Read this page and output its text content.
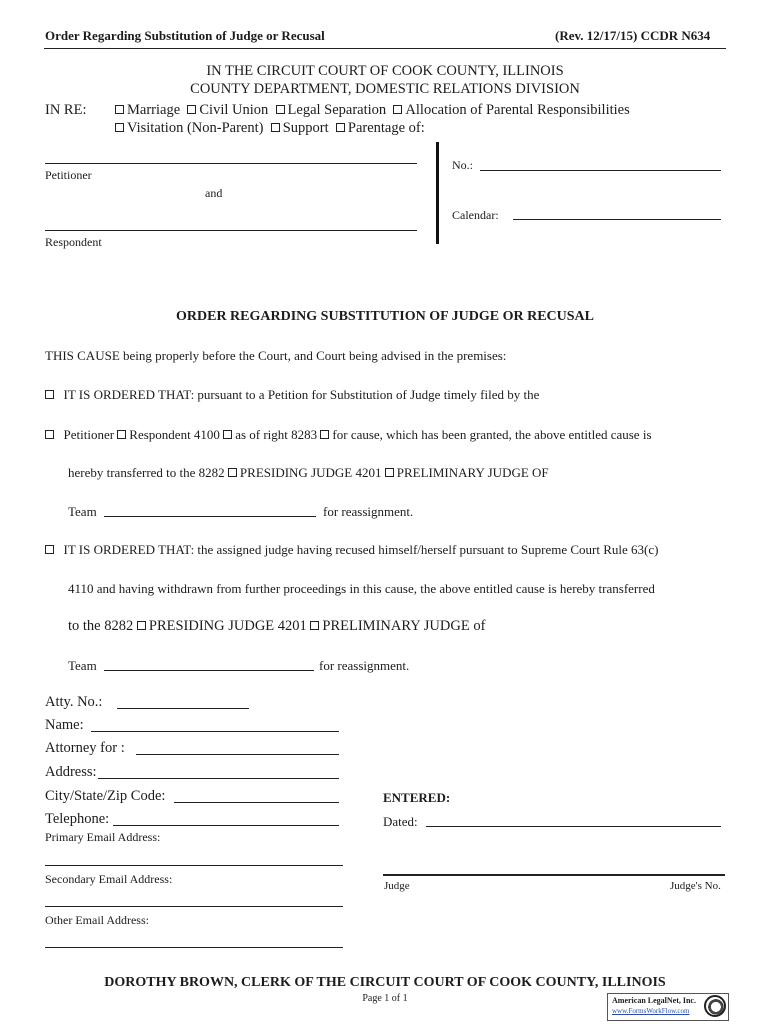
Order Regarding Substitution of Judge or Recusal	(Rev. 12/17/15) CCDR N634
IN THE CIRCUIT COURT OF COOK COUNTY, ILLINOIS
COUNTY DEPARTMENT, DOMESTIC RELATIONS DIVISION
IN RE:	Marriage Civil Union Legal Separation Allocation of Parental Responsibilities
Visitation (Non-Parent) Support Parentage of:
Petitioner
and
Respondent
No.:
Calendar:
ORDER REGARDING SUBSTITUTION OF JUDGE OR RECUSAL
THIS CAUSE being properly before the Court, and Court being advised in the premises:
IT IS ORDERED THAT: pursuant to a Petition for Substitution of Judge timely filed by the
Petitioner Respondent 4100 as of right 8283 for cause, which has been granted, the above entitled cause is
hereby transferred to the 8282 PRESIDING JUDGE 4201 PRELIMINARY JUDGE OF
Team	for reassignment.
IT IS ORDERED THAT: the assigned judge having recused himself/herself pursuant to Supreme Court Rule 63(c)
4110 and having withdrawn from further proceedings in this cause, the above entitled cause is hereby transferred
to the 8282 PRESIDING JUDGE 4201 PRELIMINARY JUDGE of
Team	for reassignment.
Atty. No.:
Name:
Attorney for :
Address:
City/State/Zip Code:
Telephone:
Primary Email Address:
Secondary Email Address:
Other Email Address:
ENTERED:
Dated:
Judge	Judge's No.
DOROTHY BROWN, CLERK OF THE CIRCUIT COURT OF COOK COUNTY, ILLINOIS
Page 1 of 1	American LegalNet, Inc.
www.FormsWorkFlow.com
